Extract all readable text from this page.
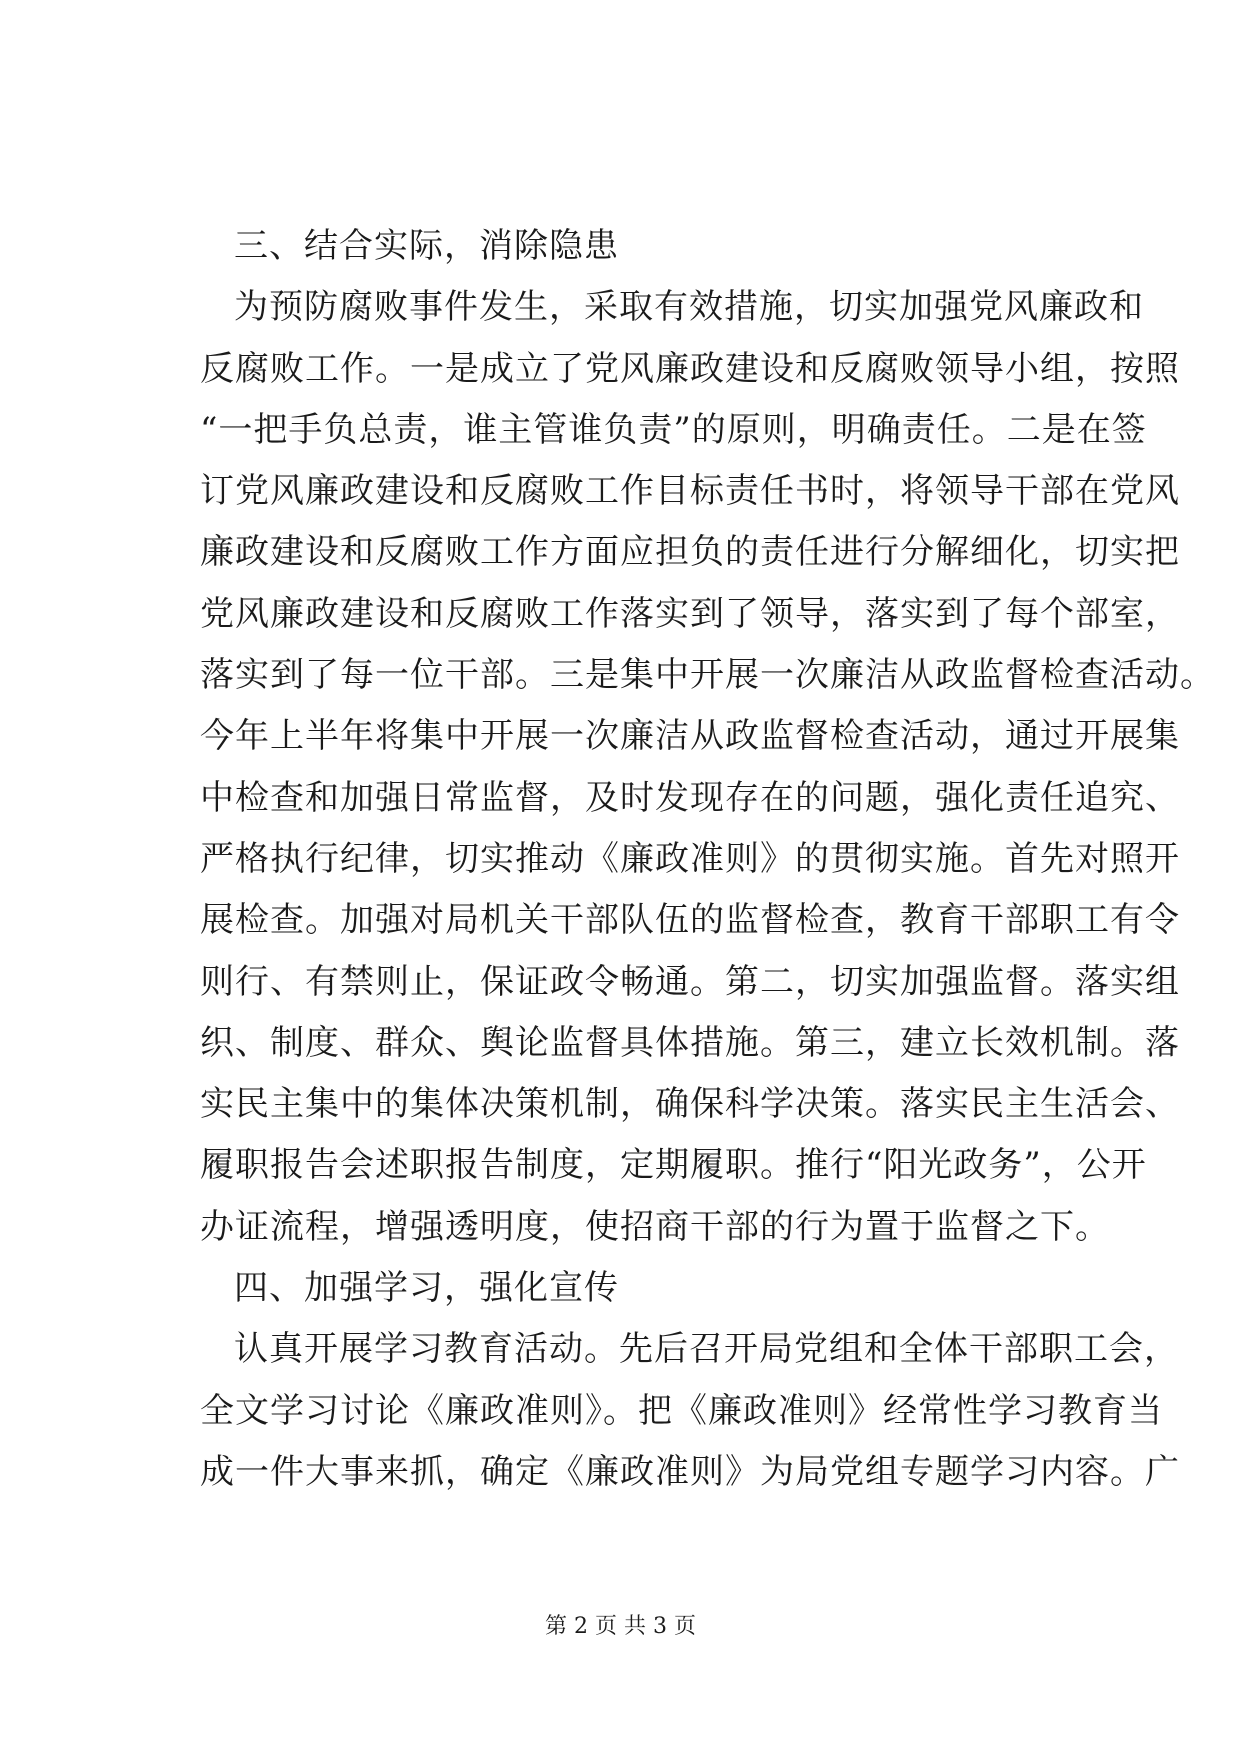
三、结合实际，消除隐患
为预防腐败事件发生，采取有效措施，切实加强党风廉政和
反腐败工作。一是成立了党风廉政建设和反腐败领导小组，按照
“一把手负总责，谁主管谁负责”的原则，明确责任。二是在签
订党风廉政建设和反腐败工作目标责任书时，将领导干部在党风
廉政建设和反腐败工作方面应担负的责任进行分解细化，切实把
党风廉政建设和反腐败工作落实到了领导，落实到了每个部室，
落实到了每一位干部。三是集中开展一次廉洁从政监督检查活动。
今年上半年将集中开展一次廉洁从政监督检查活动，通过开展集
中检查和加强日常监督，及时发现存在的问题，强化责任追究、
严格执行纪律，切实推动《廉政准则》的贯彻实施。首先对照开
展检查。加强对局机关干部队伍的监督检查，教育干部职工有令
则行、有禁则止，保证政令畅通。第二，切实加强监督。落实组
织、制度、群众、舆论监督具体措施。第三，建立长效机制。落
实民主集中的集体决策机制，确保科学决策。落实民主生活会、
履职报告会述职报告制度，定期履职。推行“阳光政务”，公开
办证流程，增强透明度，使招商干部的行为置于监督之下。
四、加强学习，强化宣传
认真开展学习教育活动。先后召开局党组和全体干部职工会，
全文学习讨论《廉政准则》。把《廉政准则》经常性学习教育当
成一件大事来抓，确定《廉政准则》为局党组专题学习内容。广
第 2 页 共 3 页
